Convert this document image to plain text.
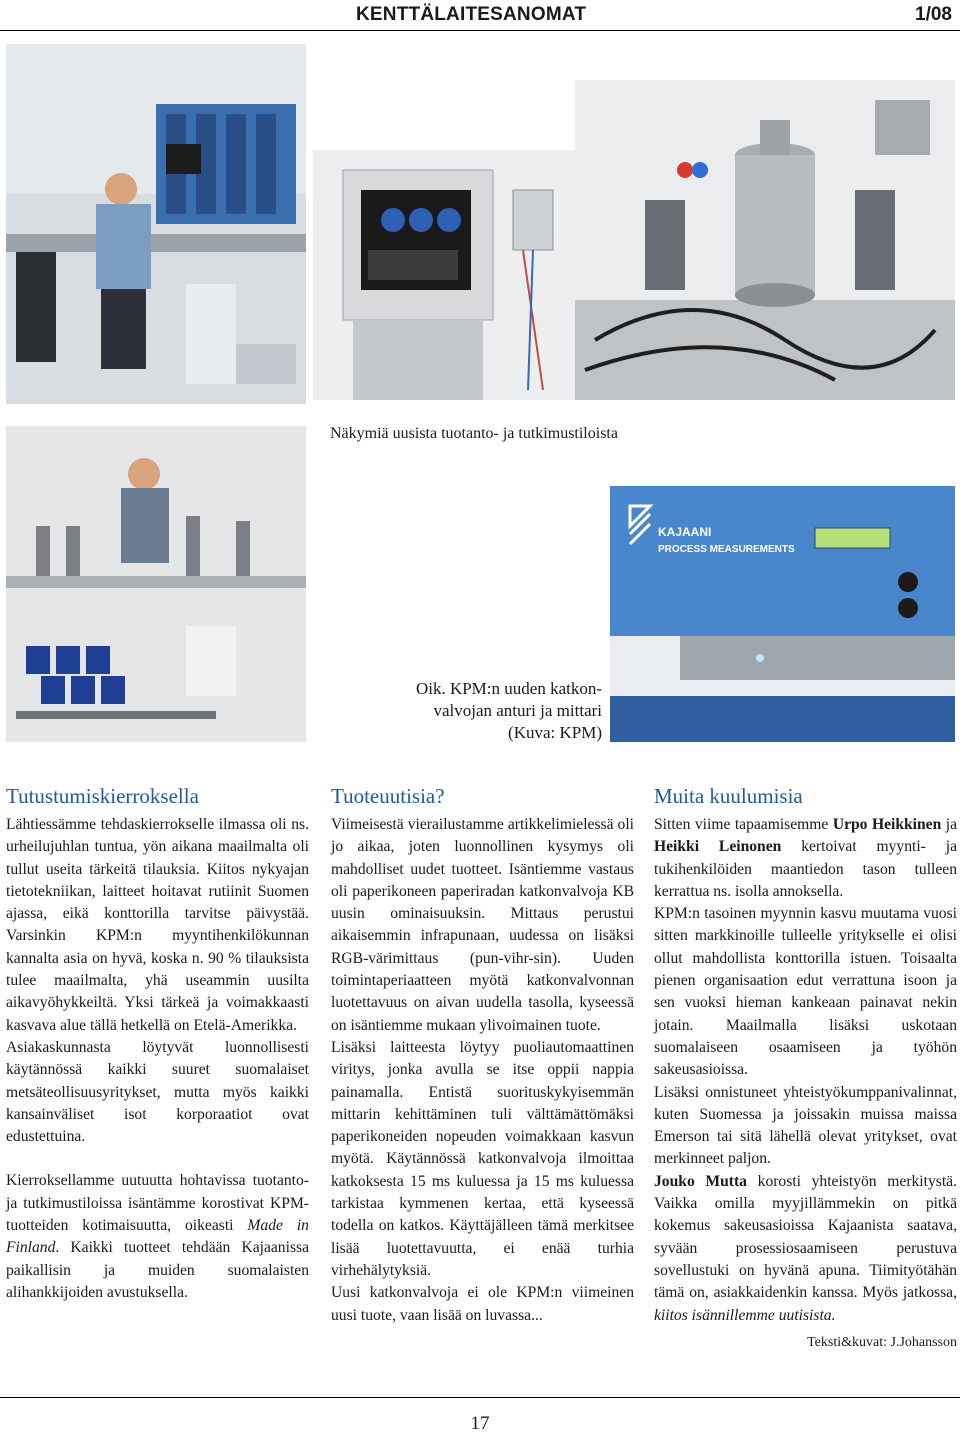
KENTTÄLAITESANOMAT	1/08
Näkymiä uusista tuotanto- ja tutkimustiloista
KAJAANI
PROCESS MEASUREMENTS
Oik. KPM:n uuden katkon-
valvojan anturi ja mittari
(Kuva: KPM)
Tutustumiskierroksella

Lähtiessämme tehdaskierrokselle ilmassa oli ns. urheilujuhlan tuntua, yön aikana maailmalta oli tullut useita tärkeitä tilauksia. Kiitos nykyajan tietotekniikan, laitteet hoitavat rutiinit Suomen ajassa, eikä konttorilla tarvitse päivystää. Varsinkin KPM:n myyntihenkilökunnan kannalta asia on hyvä, koska n. 90 % tilauksista tulee maailmalta, yhä useammin uusilta aikavyöhykkeiltä. Yksi tärkeä ja voimakkaasti kasvava alue tällä hetkellä on Etelä-Amerikka.

Asiakaskunnasta löytyvät luonnollisesti käytännössä kaikki suuret suomalaiset metsäteollisuusyritykset, mutta myös kaikki kansainväliset isot korporaatiot ovat edustettuina.

Kierroksellamme uutuutta hohtavissa tuotanto- ja tutkimustiloissa isäntämme korostivat KPM-tuotteiden kotimaisuutta, oikeasti Made in Finland. Kaikki tuotteet tehdään Kajaanissa paikallisin ja muiden suomalaisten alihankkijoiden avustuksella.

Tuoteuutisia?

Viimeisestä vierailustamme artikkelimielessä oli jo aikaa, joten luonnollinen kysymys oli mahdolliset uudet tuotteet. Isäntiemme vastaus oli paperikoneen paperiradan katkonvalvoja KB uusin ominaisuuksin. Mittaus perustui aikaisemmin infrapunaan, uudessa on lisäksi RGB-värimittaus (pun-vihr-sin). Uuden toimintaperiaatteen myötä katkonvalvonnan luotettavuus on aivan uudella tasolla, kyseessä on isäntiemme mukaan ylivoimainen tuote.

Lisäksi laitteesta löytyy puoliautomaattinen viritys, jonka avulla se itse oppii nappia painamalla. Entistä suorituskykyisemmän mittarin kehittäminen tuli välttämättömäksi paperikoneiden nopeuden voimakkaan kasvun myötä. Käytännössä katkonvalvoja ilmoittaa katkoksesta 15 ms kuluessa ja 15 ms kuluessa tarkistaa kymmenen kertaa, että kyseessä todella on katkos. Käyttäjälleen tämä merkitsee lisää luotettavuutta, ei enää turhia virhehälytyksiä.

Uusi katkonvalvoja ei ole KPM:n viimeinen uusi tuote, vaan lisää on luvassa...

Muita kuulumisia

Sitten viime tapaamisemme Urpo Heikkinen ja Heikki Leinonen kertoivat myynti- ja tukihenkilöiden maantiedon tason tulleen kerrattua ns. isolla annoksella.

KPM:n tasoinen myynnin kasvu muutama vuosi sitten markkinoille tulleelle yritykselle ei olisi ollut mahdollista konttorilla istuen. Toisaalta pienen organisaation edut verrattuna isoon ja sen vuoksi hieman kankeaan painavat nekin jotain. Maailmalla lisäksi uskotaan suomalaiseen osaamiseen ja työhön sakeusasioissa.

Lisäksi onnistuneet yhteistyökumppanivalinnat, kuten Suomessa ja joissakin muissa maissa Emerson tai sitä lähellä olevat yritykset, ovat merkinneet paljon.

Jouko Mutta korosti yhteistyön merkitystä. Vaikka omilla myyjillämmekin on pitkä kokemus sakeusasioissa Kajaanista saatava, syvään prosessiosaamiseen perustuva sovellustuki on hyvänä apuna. Tiimityötähän tämä on, asiakkaidenkin kanssa. Myös jatkossa, kiitos isännillemme uutisista.

Teksti&kuvat: J.Johansson
17
